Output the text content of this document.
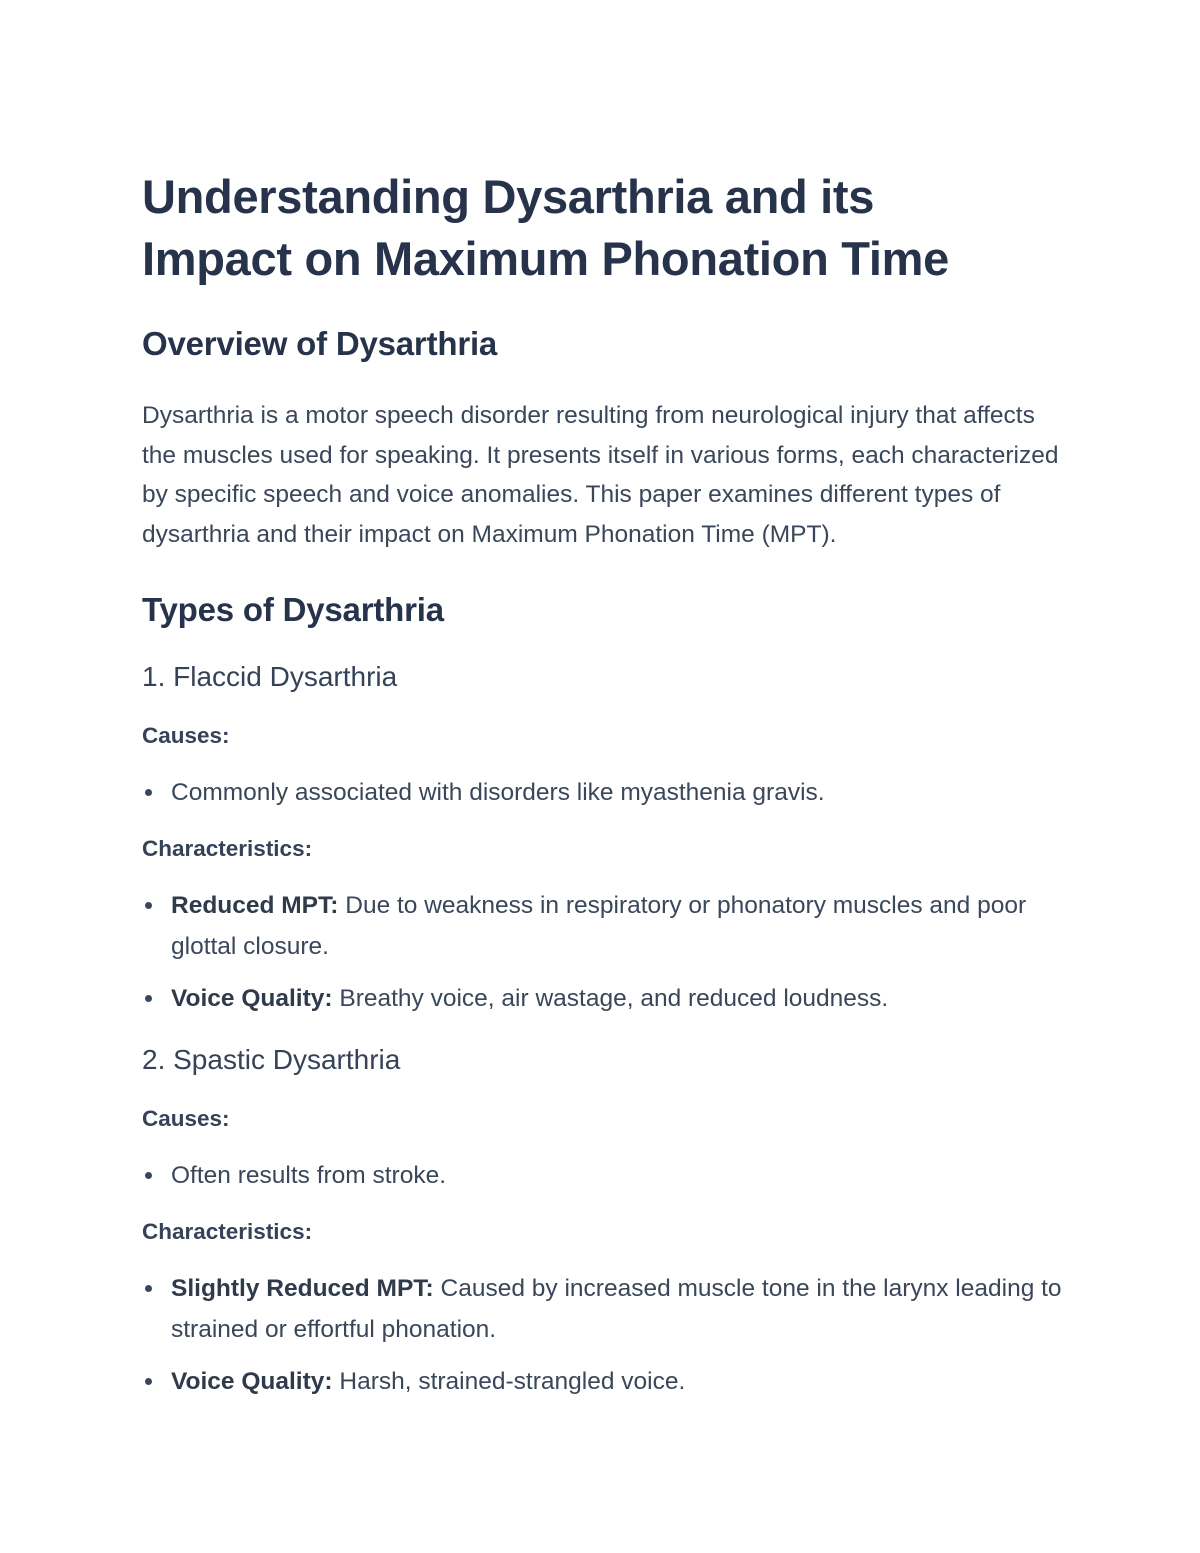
Understanding Dysarthria and its
Impact on Maximum Phonation Time
Overview of Dysarthria

Dysarthria is a motor speech disorder resulting from neurological injury that affects the muscles used for speaking. It presents itself in various forms, each characterized by specific speech and voice anomalies. This paper examines different types of dysarthria and their impact on Maximum Phonation Time (MPT).

Types of Dysarthria
1. Flaccid Dysarthria
Causes:
Commonly associated with disorders like myasthenia gravis.
Characteristics:
Reduced MPT: Due to weakness in respiratory or phonatory muscles and poor glottal closure.
Voice Quality: Breathy voice, air wastage, and reduced loudness.
2. Spastic Dysarthria
Causes:
Often results from stroke.
Characteristics:
Slightly Reduced MPT: Caused by increased muscle tone in the larynx leading to strained or effortful phonation.
Voice Quality: Harsh, strained-strangled voice.
